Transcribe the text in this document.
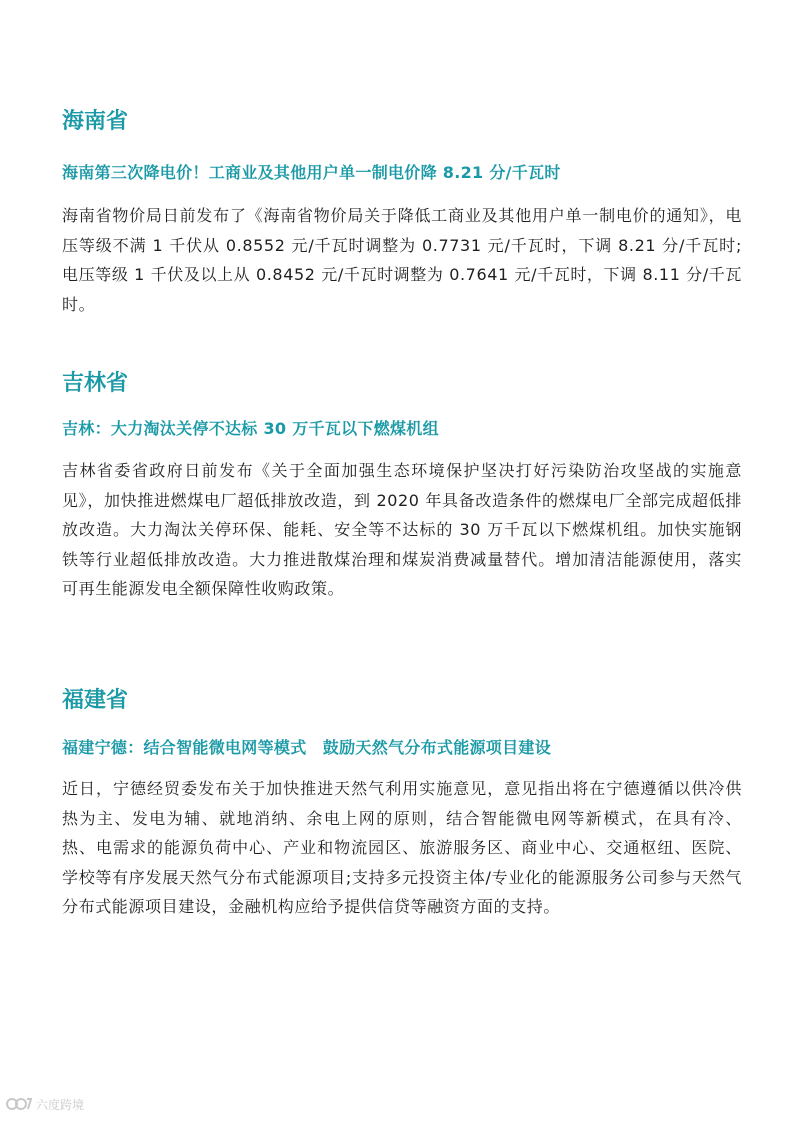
海南省
海南第三次降电价！工商业及其他用户单一制电价降 8.21 分/千瓦时

海南省物价局日前发布了《海南省物价局关于降低工商业及其他用户单一制电价的通知》，电压等级不满 1 千伏从 0.8552 元/千瓦时调整为 0.7731 元/千瓦时，下调 8.21 分/千瓦时;电压等级 1 千伏及以上从 0.8452 元/千瓦时调整为 0.7641 元/千瓦时，下调 8.11 分/千瓦时。

吉林省
吉林：大力淘汰关停不达标 30 万千瓦以下燃煤机组

吉林省委省政府日前发布《关于全面加强生态环境保护坚决打好污染防治攻坚战的实施意见》，加快推进燃煤电厂超低排放改造，到 2020 年具备改造条件的燃煤电厂全部完成超低排放改造。大力淘汰关停环保、能耗、安全等不达标的 30 万千瓦以下燃煤机组。加快实施钢铁等行业超低排放改造。大力推进散煤治理和煤炭消费减量替代。增加清洁能源使用，落实可再生能源发电全额保障性收购政策。

福建省
福建宁德：结合智能微电网等模式　鼓励天然气分布式能源项目建设

近日，宁德经贸委发布关于加快推进天然气利用实施意见，意见指出将在宁德遵循以供冷供热为主、发电为辅、就地消纳、余电上网的原则，结合智能微电网等新模式，在具有冷、热、电需求的能源负荷中心、产业和物流园区、旅游服务区、商业中心、交通枢纽、医院、学校等有序发展天然气分布式能源项目;支持多元投资主体/专业化的能源服务公司参与天然气分布式能源项目建设，金融机构应给予提供信贷等融资方面的支持。

六度跨境
